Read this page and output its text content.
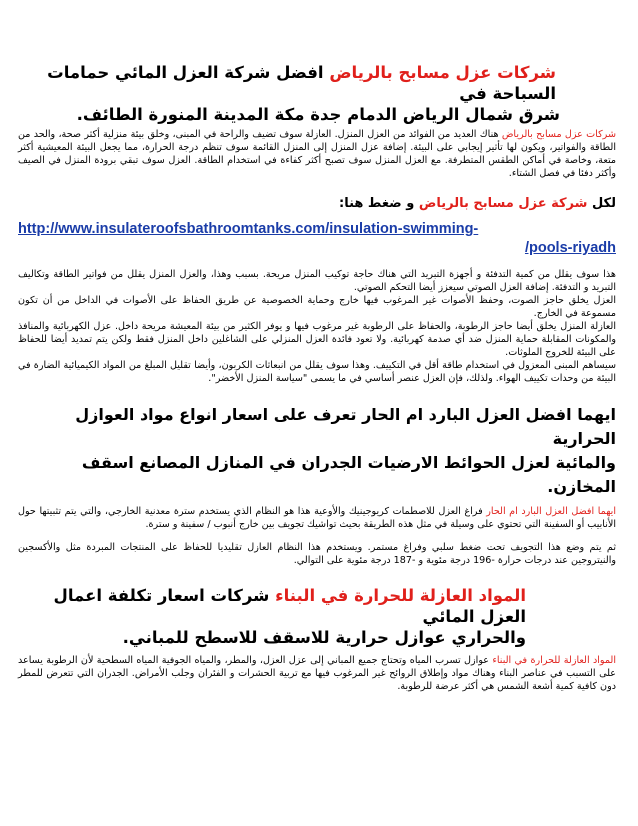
شركات عزل مسابح بالرياض افضل شركة العزل المائي حمامات السباحة في
شرق شمال الرياض الدمام جدة مكة المدينة المنورة الطائف.

شركات عزل مسابح بالرياض هناك العديد من الفوائد من العزل المنزل. العازلة سوف تضيف والراحة في المبنى، وخلق بيئة منزلية أكثر صحة، والحد من الطاقة والفواتير، ويكون لها تأثير إيجابي على البيئة. إضافة عزل المنزل إلى المنزل القائمة سوف تنظم درجة الحرارة، مما يجعل البيئة المعيشية أكثر متعة، وخاصة في أماكن الطقس المتطرفة. مع العزل المنزل سوف تصبح أكثر كفاءة في استخدام الطاقة. العزل سوف تبقي برودة المنزل في الصيف وأكثر دفئا في فصل الشتاء.

لكل شركة عزل مسابح بالرياض و ضغط هنا:

http://www.insulateroofsbathroomtanks.com/insulation-swimming-

/pools-riyadh

هذا سوف يقلل من كمية التدفئة و أجهزة التبريد التي هناك حاجة توكيب المنزل مريحة. بسبب وهذا، والعزل المنزل يقلل من فواتير الطاقة وتكاليف التبريد و التدفئة. إضافة العزل الصوتي سيعزز أيضا التحكم الصوتي.

العزل يخلق حاجز الصوت، وحفظ الأصوات غير المرغوب فيها خارج وحماية الخصوصية عن طريق الحفاظ على الأصوات في الداخل من أن تكون مسموعة في الخارج.

العازلة المنزل يخلق أيضا حاجز الرطوبة، والحفاظ على الرطوبة غير مرغوب فيها و يوفر الكثير من بيئة المعيشة مريحة داخل. عزل الكهربائية والمنافذ والمكونات المقابلة حماية المنزل ضد أي صدمة كهربائية. ولا تعود فائدة العزل المنزلي على الشاغلين داخل المنزل فقط ولكن يتم تمديد أيضا للحفاظ على البيئة للخروج الملوثات.

سيساهم المبنى المعزول في استخدام طاقة أقل في التكييف. وهذا سوف يقلل من انبعاثات الكربون، وأيضا تقليل المبلغ من المواد الكيميائية الضارة في البيئة من وحدات تكييف الهواء. ولذلك، فإن العزل عنصر أساسي في ما يسمى "سياسة المنزل الأخضر".

ايهما افضل العزل البارد ام الحار تعرف على اسعار انواع مواد العوازل الحرارية
والمائية لعزل الحوائط الارضيات الجدران في المنازل المصانع اسقف المخازن.

ايهما افضل العزل البارد ام الحار فراغ العزل للاصطمات كريوجينيك والأوعية هذا هو النظام الذي يستخدم سترة معدنية الخارجي، والتي يتم تثبيتها حول الأنابيب أو السفينة التي تحتوي على وسيلة في مثل هذه الطريقة بحيث تواشيك تجويف بين خارج أنبوب / سفينة و سترة.

ثم يتم وضع هذا التجويف تحت ضغط سلبي وفراغ مستمر. ويستخدم هذا النظام العازل تقليديا للحفاظ على المنتجات المبردة مثل والأكسجين والنيتروجين عند درجات حرارة -196 درجة مئوية و -187 درجة مئوية على التوالي.

المواد العازلة للحرارة في البناء شركات اسعار تكلفة اعمال العزل المائي
والحراري عوازل حرارية للاسقف للاسطح للمباني.

المواد العازلة للحرارة في البناء عوازل تسرب المياه وتحتاج جميع المباني إلى عزل العزل، والمطر، والمياه الجوفية المياه السطحية لأن الرطوبة يساعد على التسبب في عناصر البناء وهناك مواد وإطلاق الروائح غير المرغوب فيها مع تربية الحشرات و الفئران وجلب الأمراض. الجدران التي تتعرض للمطر دون كافية كمية أشعة الشمس هي أكثر عرضة للرطوبة.
